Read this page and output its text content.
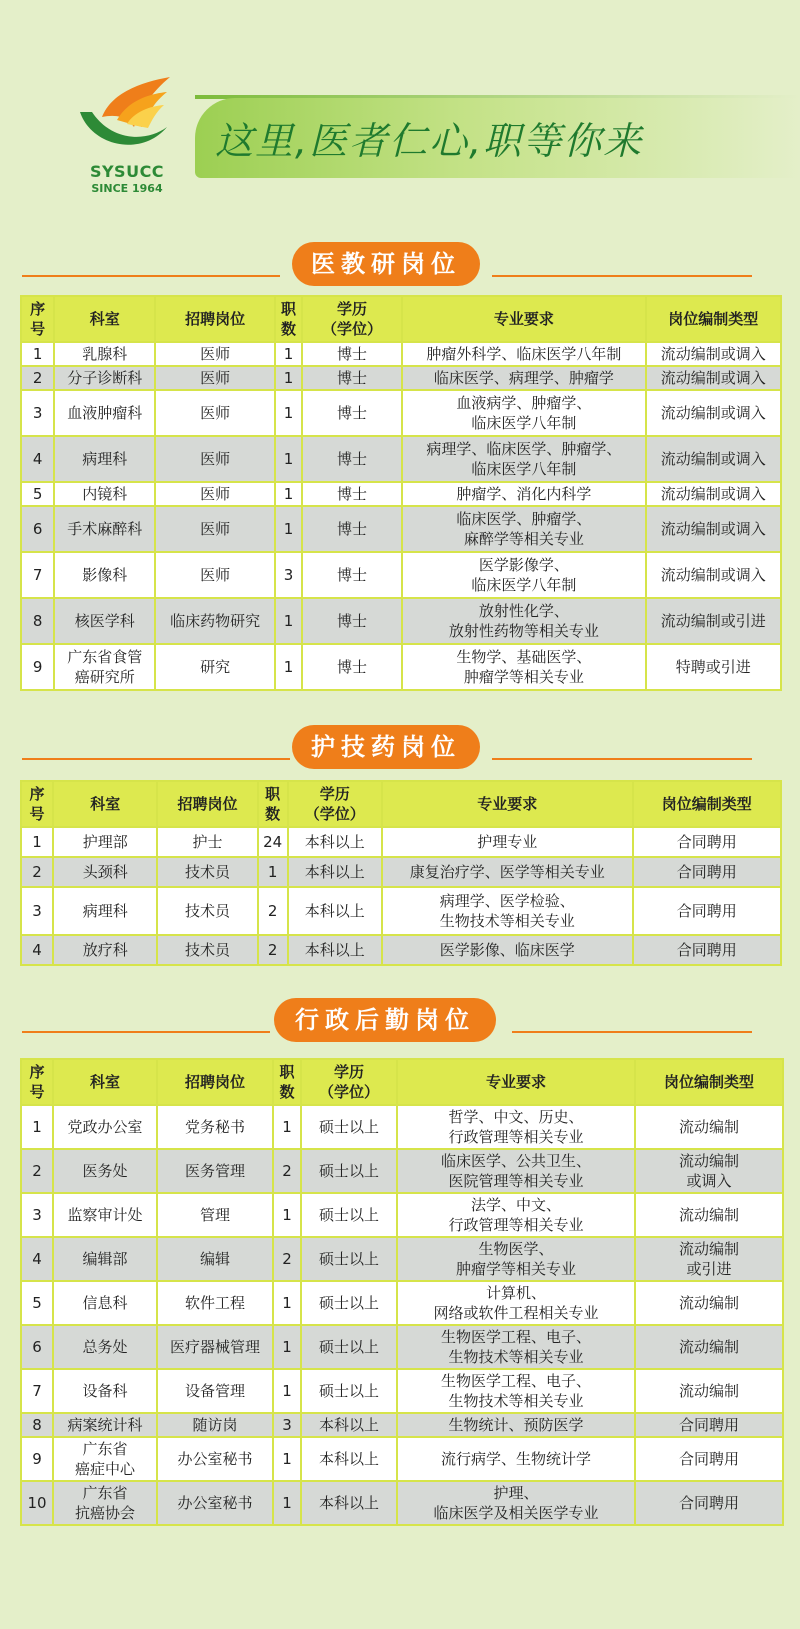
SYSUCC
SINCE 1964
这里,医者仁心,职等你来
医教研岗位
序
号	科室	招聘岗位	职
数	学历
（学位）	专业要求	岗位编制类型
1	乳腺科	医师	1	博士	肿瘤外科学、临床医学八年制	流动编制或调入
2	分子诊断科	医师	1	博士	临床医学、病理学、肿瘤学	流动编制或调入
3	血液肿瘤科	医师	1	博士	血液病学、肿瘤学、
临床医学八年制	流动编制或调入
4	病理科	医师	1	博士	病理学、临床医学、肿瘤学、
临床医学八年制	流动编制或调入
5	内镜科	医师	1	博士	肿瘤学、消化内科学	流动编制或调入
6	手术麻醉科	医师	1	博士	临床医学、肿瘤学、
麻醉学等相关专业	流动编制或调入
7	影像科	医师	3	博士	医学影像学、
临床医学八年制	流动编制或调入
8	核医学科	临床药物研究	1	博士	放射性化学、
放射性药物等相关专业	流动编制或引进
9	广东省食管
癌研究所	研究	1	博士	生物学、基础医学、
肿瘤学等相关专业	特聘或引进
护技药岗位
序
号	科室	招聘岗位	职
数	学历
（学位）	专业要求	岗位编制类型
1	护理部	护士	24	本科以上	护理专业	合同聘用
2	头颈科	技术员	1	本科以上	康复治疗学、医学等相关专业	合同聘用
3	病理科	技术员	2	本科以上	病理学、医学检验、
生物技术等相关专业	合同聘用
4	放疗科	技术员	2	本科以上	医学影像、临床医学	合同聘用
行政后勤岗位
序
号	科室	招聘岗位	职
数	学历
（学位）	专业要求	岗位编制类型
1	党政办公室	党务秘书	1	硕士以上	哲学、中文、历史、
行政管理等相关专业	流动编制
2	医务处	医务管理	2	硕士以上	临床医学、公共卫生、
医院管理等相关专业	流动编制
或调入
3	监察审计处	管理	1	硕士以上	法学、中文、
行政管理等相关专业	流动编制
4	编辑部	编辑	2	硕士以上	生物医学、
肿瘤学等相关专业	流动编制
或引进
5	信息科	软件工程	1	硕士以上	计算机、
网络或软件工程相关专业	流动编制
6	总务处	医疗器械管理	1	硕士以上	生物医学工程、电子、
生物技术等相关专业	流动编制
7	设备科	设备管理	1	硕士以上	生物医学工程、电子、
生物技术等相关专业	流动编制
8	病案统计科	随访岗	3	本科以上	生物统计、预防医学	合同聘用
9	广东省
癌症中心	办公室秘书	1	本科以上	流行病学、生物统计学	合同聘用
10	广东省
抗癌协会	办公室秘书	1	本科以上	护理、
临床医学及相关医学专业	合同聘用
